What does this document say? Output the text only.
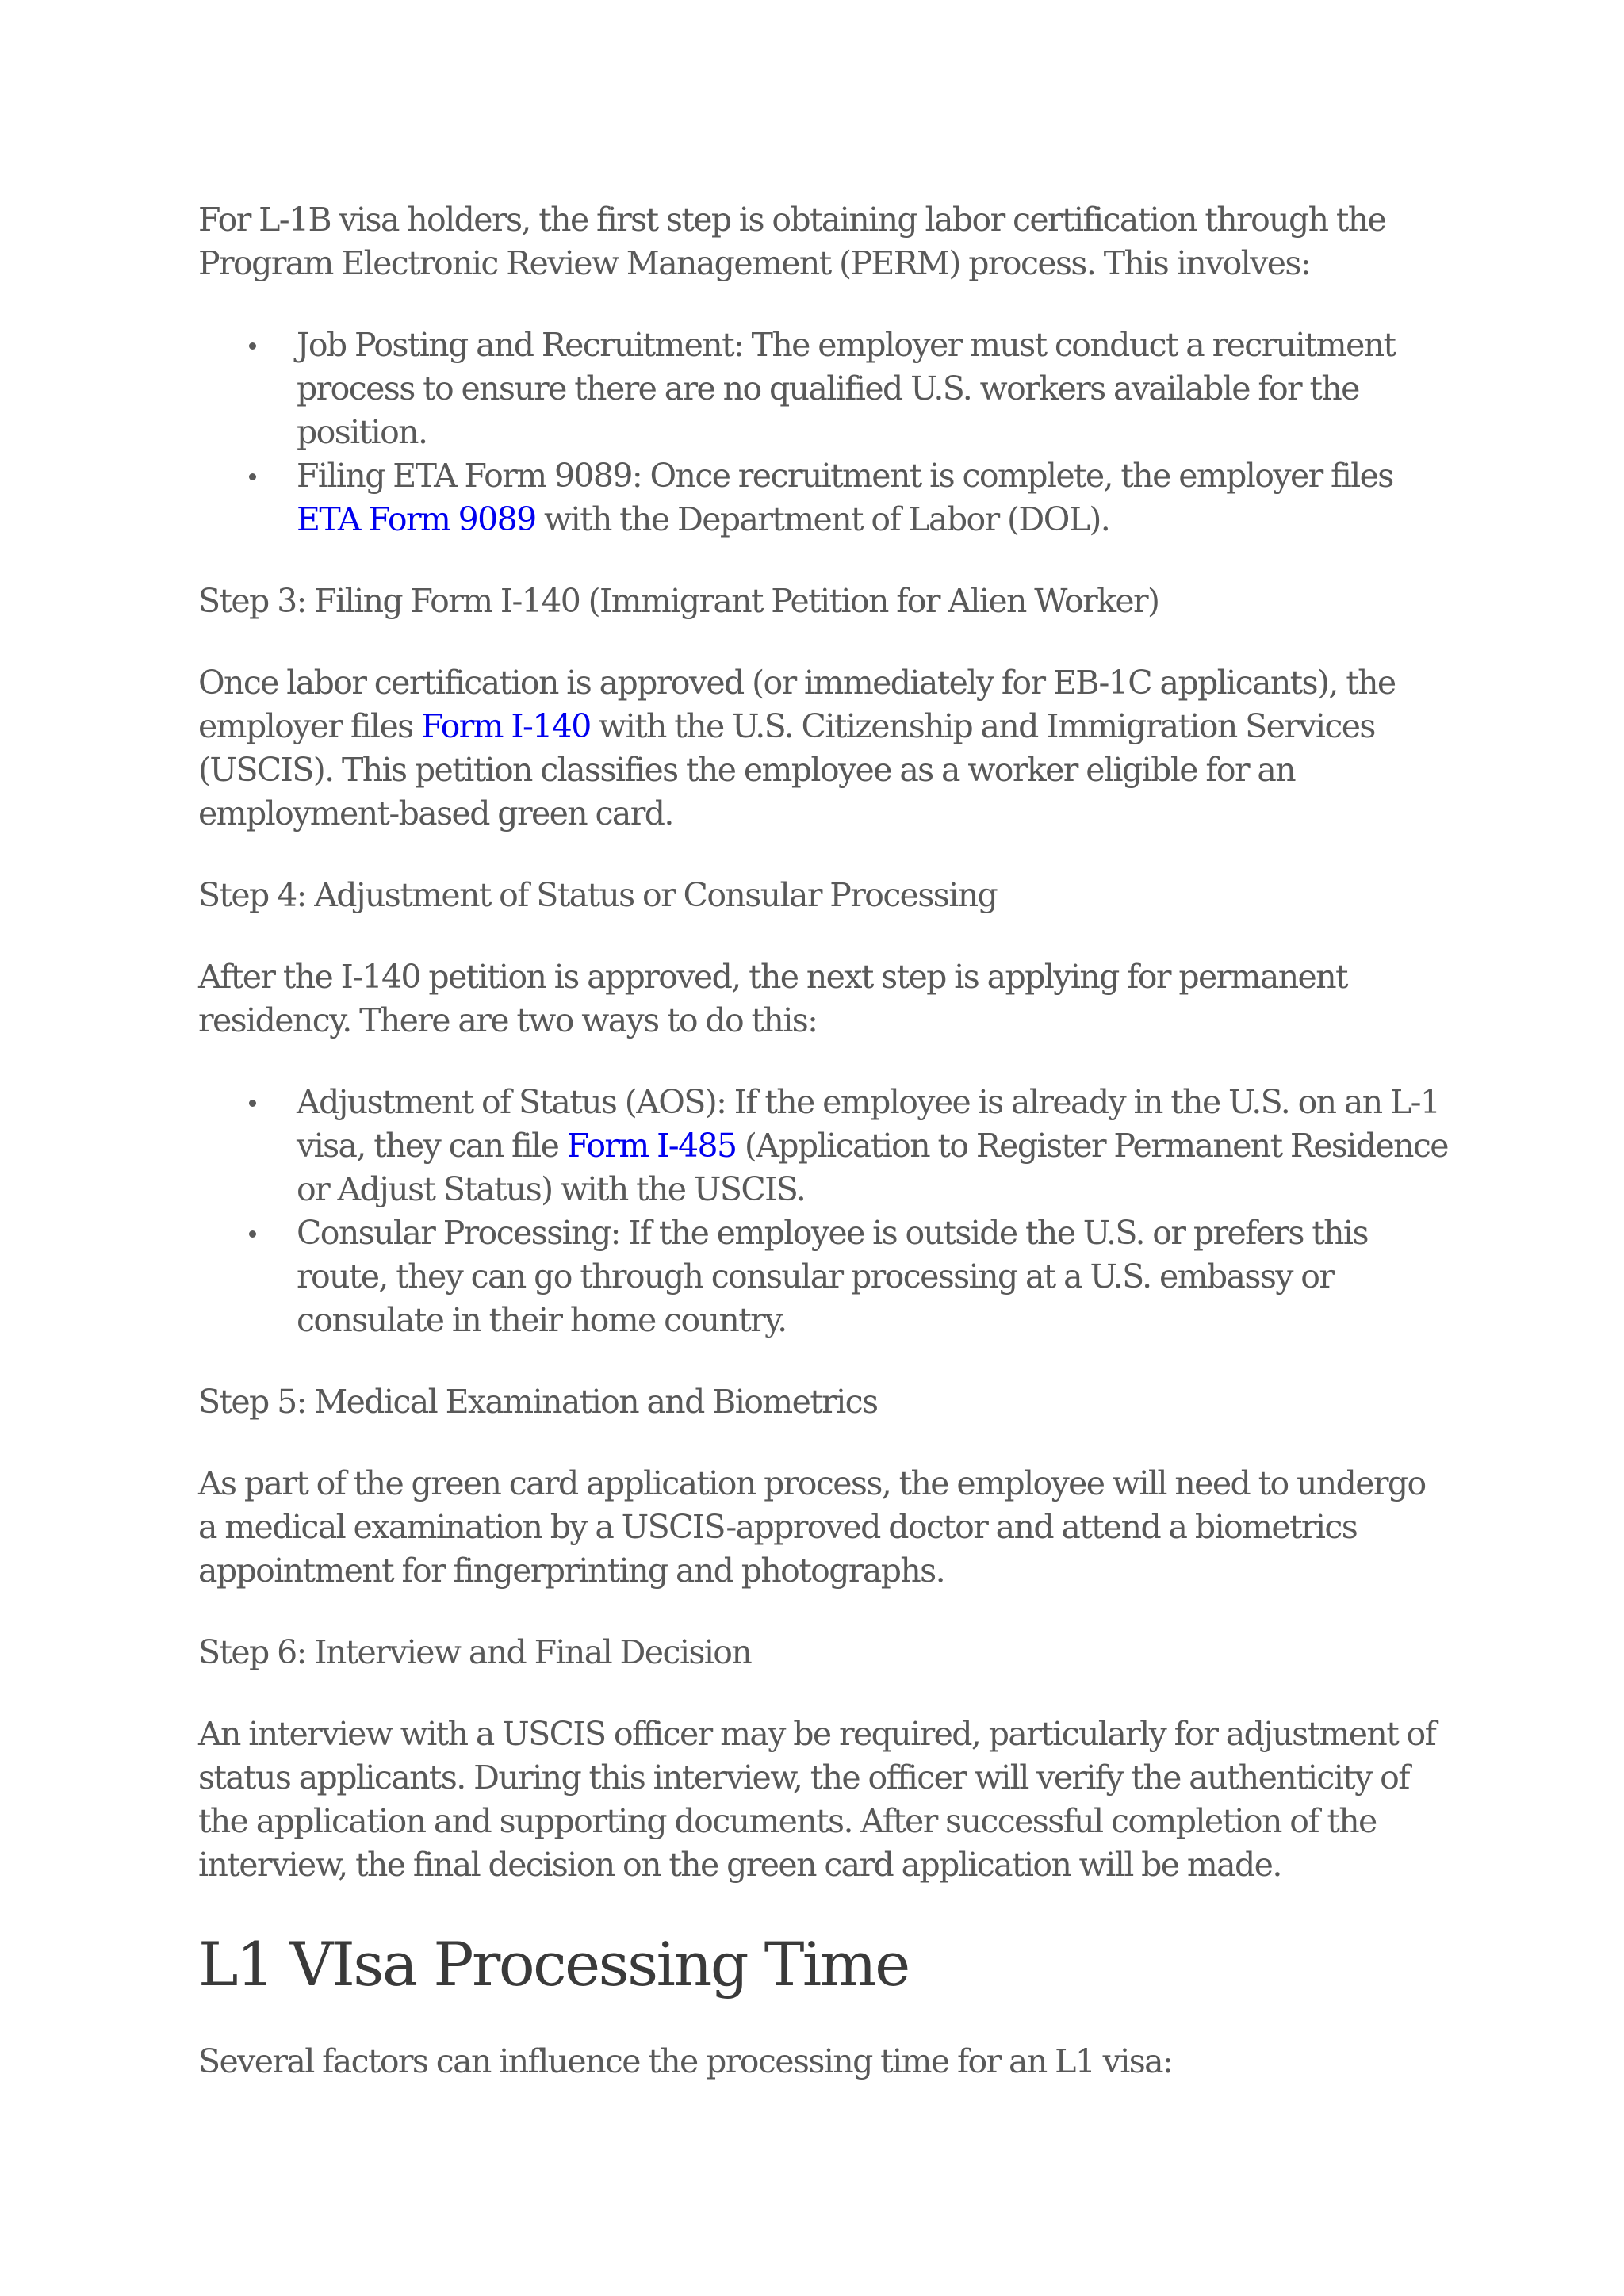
For L-1B visa holders, the first step is obtaining labor certification through the Program Electronic Review Management (PERM) process. This involves:

Job Posting and Recruitment: The employer must conduct a recruitment process to ensure there are no qualified U.S. workers available for the position.
Filing ETA Form 9089: Once recruitment is complete, the employer files ETA Form 9089 with the Department of Labor (DOL).

Step 3: Filing Form I-140 (Immigrant Petition for Alien Worker)

Once labor certification is approved (or immediately for EB-1C applicants), the employer files Form I-140 with the U.S. Citizenship and Immigration Services (USCIS). This petition classifies the employee as a worker eligible for an employment-based green card.

Step 4: Adjustment of Status or Consular Processing

After the I-140 petition is approved, the next step is applying for permanent residency. There are two ways to do this:

Adjustment of Status (AOS): If the employee is already in the U.S. on an L-1 visa, they can file Form I-485 (Application to Register Permanent Residence or Adjust Status) with the USCIS.
Consular Processing: If the employee is outside the U.S. or prefers this route, they can go through consular processing at a U.S. embassy or consulate in their home country.

Step 5: Medical Examination and Biometrics

As part of the green card application process, the employee will need to undergo a medical examination by a USCIS-approved doctor and attend a biometrics appointment for fingerprinting and photographs.

Step 6: Interview and Final Decision

An interview with a USCIS officer may be required, particularly for adjustment of status applicants. During this interview, the officer will verify the authenticity of the application and supporting documents. After successful completion of the interview, the final decision on the green card application will be made.

L1 VIsa Processing Time

Several factors can influence the processing time for an L1 visa:
